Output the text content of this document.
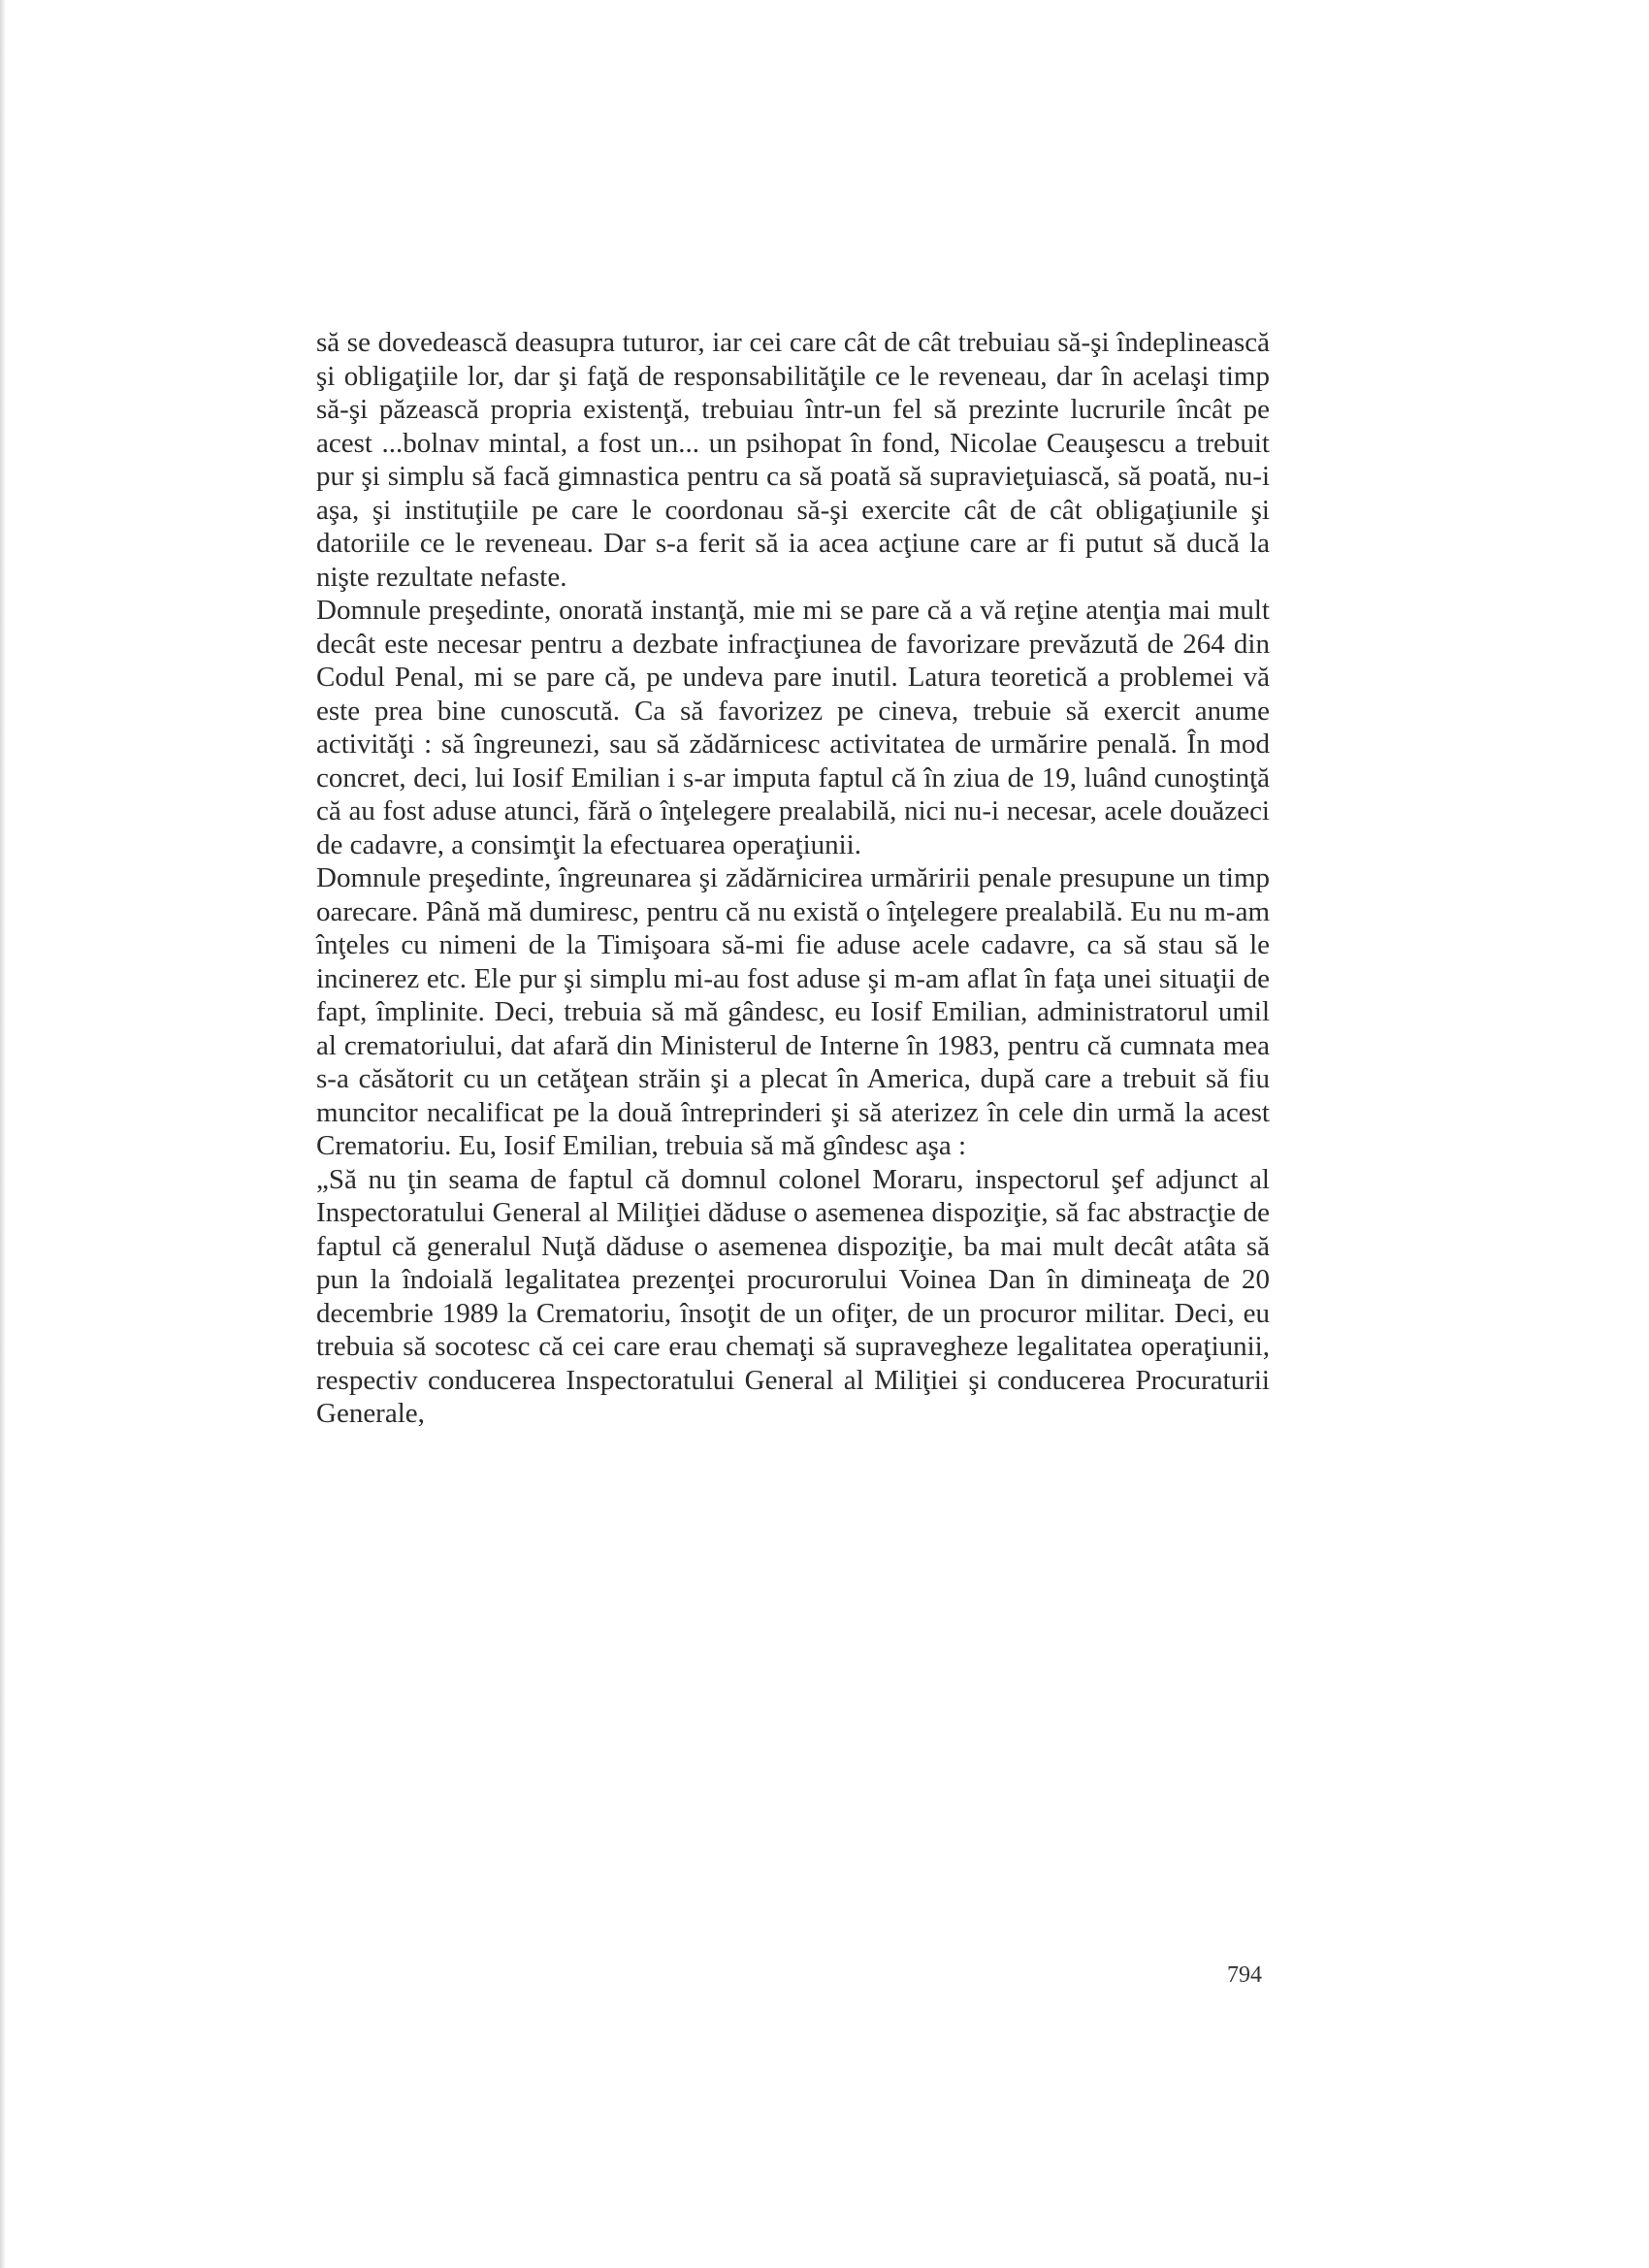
să se dovedească deasupra tuturor, iar cei care cât de cât trebuiau să-şi îndeplinească şi obligaţiile lor, dar şi faţă de responsabilităţile ce le reveneau, dar în acelaşi timp să-şi păzească propria existenţă, trebuiau într-un fel să prezinte lucrurile încât pe acest ...bolnav mintal, a fost un... un psihopat în fond, Nicolae Ceauşescu a trebuit pur şi simplu să facă gimnastica pentru ca să poată să supravieţuiască, să poată, nu-i aşa, şi instituţiile pe care le coordonau să-şi exercite cât de cât obligaţiunile şi datoriile ce le reveneau. Dar s-a ferit să ia acea acţiune care ar fi putut să ducă la nişte rezultate nefaste.

Domnule preşedinte, onorată instanţă, mie mi se pare că a vă reţine atenţia mai mult decât este necesar pentru a dezbate infracţiunea de favorizare prevăzută de 264 din Codul Penal, mi se pare că, pe undeva pare inutil. Latura teoretică a problemei vă este prea bine cunoscută. Ca să favorizez pe cineva, trebuie să exercit anume activităţi : să îngreunezi, sau să zădărnicesc activitatea de urmărire penală. În mod concret, deci, lui Iosif Emilian i s-ar imputa faptul că în ziua de 19, luând cunoştinţă că au fost aduse atunci, fără o înţelegere prealabilă, nici nu-i necesar, acele douăzeci de cadavre, a consimţit la efectuarea operaţiunii.

Domnule preşedinte, îngreunarea şi zădărnicirea urmăririi penale presupune un timp oarecare. Până mă dumiresc, pentru că nu există o înţelegere prealabilă. Eu nu m-am înţeles cu nimeni de la Timişoara să-mi fie aduse acele cadavre, ca să stau să le incinerez etc. Ele pur şi simplu mi-au fost aduse şi m-am aflat în faţa unei situaţii de fapt, împlinite. Deci, trebuia să mă gândesc, eu Iosif Emilian, administratorul umil al crematoriului, dat afară din Ministerul de Interne în 1983, pentru că cumnata mea s-a căsătorit cu un cetăţean străin şi a plecat în America, după care a trebuit să fiu muncitor necalificat pe la două întreprinderi şi să aterizez în cele din urmă la acest Crematoriu. Eu, Iosif Emilian, trebuia să mă gîndesc aşa :

„Să nu ţin seama de faptul că domnul colonel Moraru, inspectorul şef adjunct al Inspectoratului General al Miliţiei dăduse o asemenea dispoziţie, să fac abstracţie de faptul că generalul Nuţă dăduse o asemenea dispoziţie, ba mai mult decât atâta să pun la îndoială legalitatea prezenţei procurorului Voinea Dan în dimineaţa de 20 decembrie 1989 la Crematoriu, însoţit de un ofiţer, de un procuror militar. Deci, eu trebuia să socotesc că cei care erau chemaţi să supravegheze legalitatea operaţiunii, respectiv conducerea Inspectoratului General al Miliţiei şi conducerea Procuraturii Generale,

794
